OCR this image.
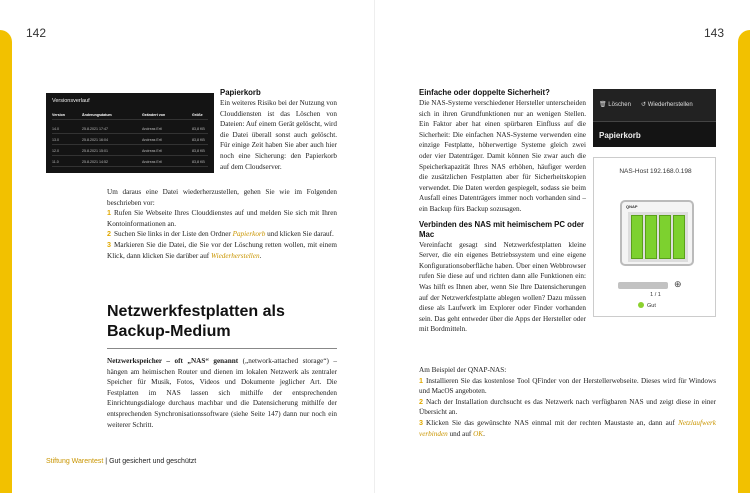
142
Versionsverlauf
Version	Änderungsdatum	Geändert von	Größe
14.0	25.8.2021 17:47	Andreas Ertl	83,8 KB
13.0	25.8.2021 16:04	Andreas Ertl	83,8 KB
12.0	25.8.2021 15:01	Andreas Ertl	83,8 KB
11.0	25.8.2021 14:52	Andreas Ertl	83,8 KB
Papierkorb

Ein weiteres Risiko bei der Nutzung von Clouddiensten ist das Löschen von Dateien: Auf einem Gerät gelöscht, wird die Datei überall sonst auch gelöscht. Für einige Zeit haben Sie aber auch hier noch eine Sicherung: den Papierkorb auf dem Cloudserver.

Um daraus eine Datei wiederherzustellen, gehen Sie wie im Folgenden beschrieben vor:

1 Rufen Sie Webseite Ihres Clouddienstes auf und melden Sie sich mit Ihren Kontoinformationen an.
2 Suchen Sie links in der Liste den Ordner Papierkorb und klicken Sie darauf.
3 Markieren Sie die Datei, die Sie vor der Löschung retten wollen, mit einem Klick, dann klicken Sie darüber auf Wiederherstellen.
Netzwerkfestplatten als Backup-Medium

Netzwerkspeicher – oft „NAS“ genannt („network-attached storage“) – hängen am heimischen Router und dienen im lokalen Netzwerk als zentraler Speicher für Musik, Fotos, Videos und Dokumente jeglicher Art. Die Festplatten im NAS lassen sich mithilfe der entsprechenden Einrichtungsdialoge durchaus machbar und die Datensicherung mithilfe der entsprechenden Synchronisationssoftware (siehe Seite 147) dann nur noch ein weiterer Schritt.

Stiftung Warentest | Gut gesichert und geschützt
143
Einfache oder doppelte Sicherheit?

Die NAS-Systeme verschiedener Hersteller unterscheiden sich in ihren Grundfunktionen nur an wenigen Stellen. Ein Faktor aber hat einen spürbaren Einfluss auf die Sicherheit: Die einfachen NAS-Systeme verwenden eine einzige Festplatte, höherwertige Systeme gleich zwei oder vier Datenträger. Damit können Sie zwar auch die Speicherkapazität Ihres NAS erhöhen, häufiger werden die zusätzlichen Festplatten aber für Sicherheitskopien verwendet. Die Daten werden gespiegelt, sodass sie beim Ausfall eines Datenträgers immer noch vorhanden sind – ein Backup fürs Backup sozusagen.

Verbinden des NAS mit heimischem PC oder Mac

Vereinfacht gesagt sind Netzwerkfestplatten kleine Server, die ein eigenes Betriebssystem und eine eigene Konfigurationsoberfläche haben. Über einen Webbrowser rufen Sie diese auf und richten dann alle Funktionen ein: Was hilft es Ihnen aber, wenn Sie Ihre Datensicherungen auf der Netzwerkfestplatte ablegen wollen? Dazu müssen diese als Laufwerk im Explorer oder Finder vorhanden sein. Das geht entweder über die Apps der Hersteller oder mit Bordmitteln.

Am Beispiel der QNAP-NAS:

1 Installieren Sie das kostenlose Tool QFinder von der Herstellerwebseite. Dieses wird für Windows und MacOS angeboten.
2 Nach der Installation durchsucht es das Netzwerk nach verfügbaren NAS und zeigt diese in einer Übersicht an.
3 Klicken Sie das gewünschte NAS einmal mit der rechten Maustaste an, dann auf Netzlaufwerk verbinden und auf OK.
🗑 Löschen ↺ Wiederherstellen
Papierkorb
NAS-Host 192.168.0.198
QNAP
⊕
1 / 1
Gut
